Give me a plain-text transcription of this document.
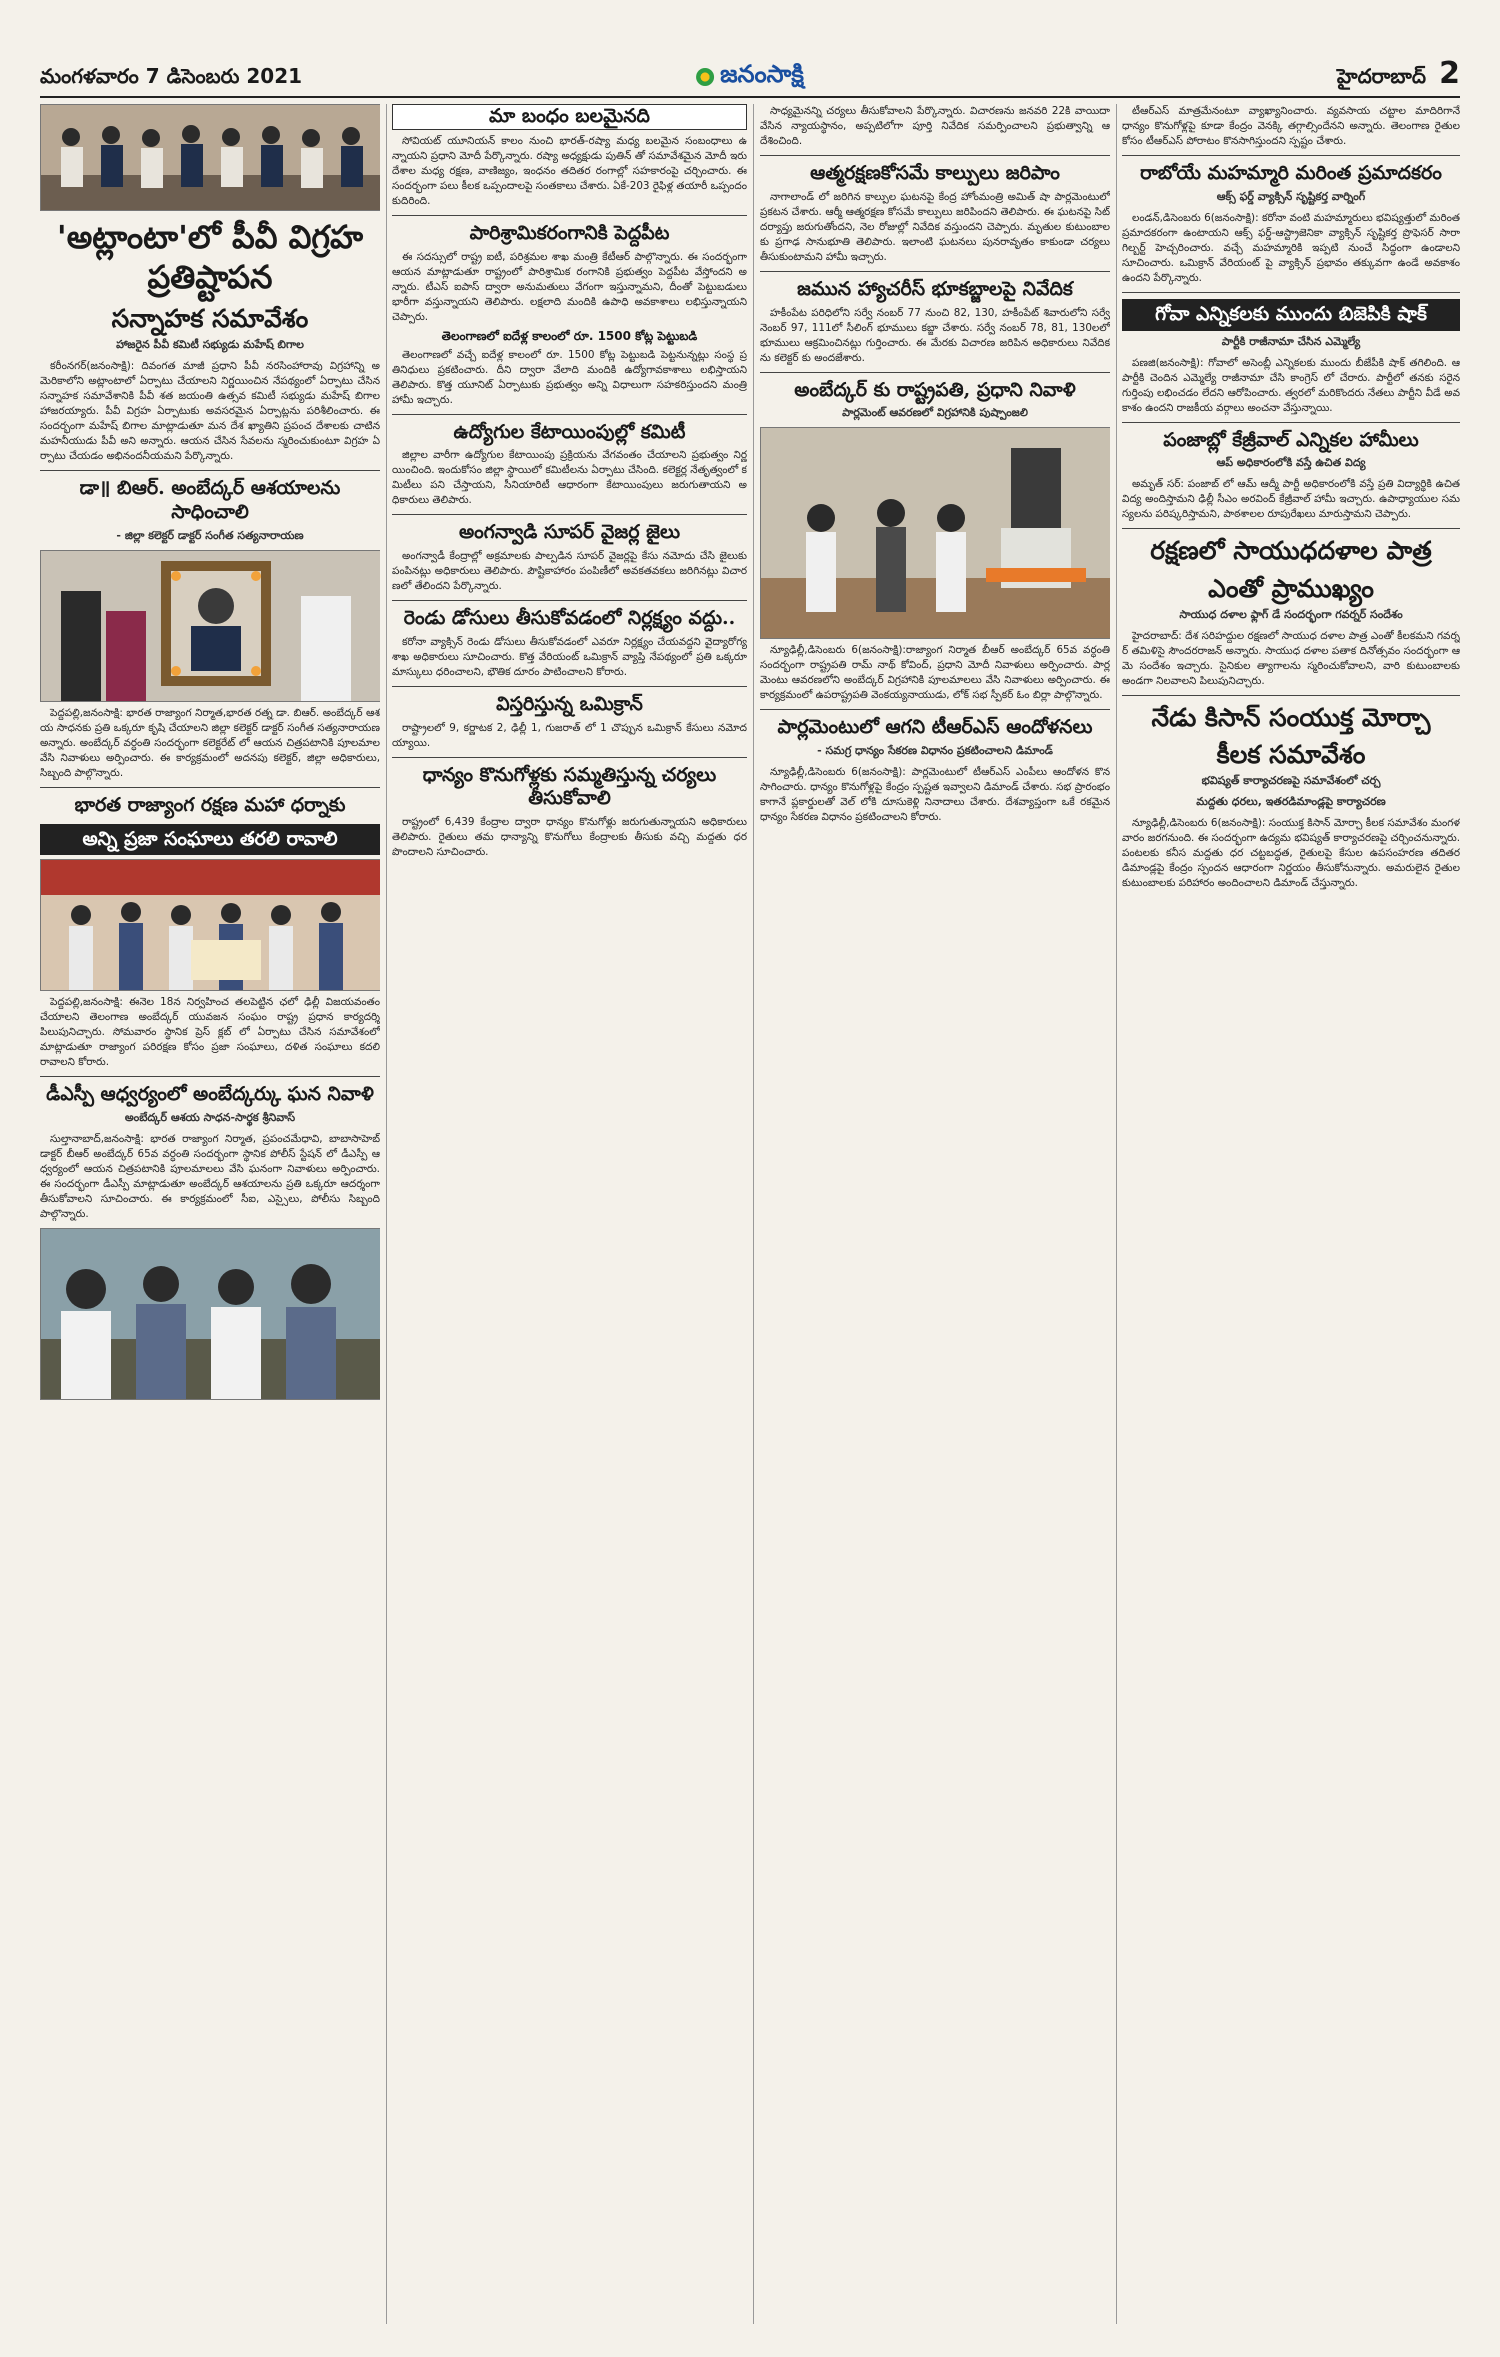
మంగళవారం 7 డిసెంబరు 2021	జనంసాక్షి	హైదరాబాద్ 2
'అట్లాంటా'లో పీవీ విగ్రహ ప్రతిష్టాపన
సన్నాహక సమావేశం
హాజరైన పీవీ కమిటీ సభ్యుడు మహేష్ బిగాల

కరీంనగర్(జనంసాక్షి): దివంగత మాజీ ప్రధాని పీవీ నరసింహారావు విగ్రహాన్ని అమెరికాలోని అట్లాంటాలో ఏర్పాటు చేయాలని నిర్ణయించిన నేపథ్యంలో ఏర్పాటు చేసిన సన్నాహక సమావేశానికి పీవీ శత జయంతి ఉత్సవ కమిటీ సభ్యుడు మహేష్ బిగాల హాజరయ్యారు. పీవీ విగ్రహ ఏర్పాటుకు అవసరమైన ఏర్పాట్లను పరిశీలించారు. ఈ సందర్భంగా మహేష్ బిగాల మాట్లాడుతూ మన దేశ ఖ్యాతిని ప్రపంచ దేశాలకు చాటిన మహనీయుడు పీవీ అని అన్నారు. ఆయన చేసిన సేవలను స్మరించుకుంటూ విగ్రహ ఏర్పాటు చేయడం అభినందనీయమని పేర్కొన్నారు.

డా॥ బిఆర్. అంబేద్కర్ ఆశయాలను సాధించాలి
- జిల్లా కలెక్టర్ డాక్టర్ సంగీత సత్యనారాయణ

పెద్దపల్లి,జనంసాక్షి: భారత రాజ్యాంగ నిర్మాత,భారత రత్న డా. బిఆర్. అంబేద్కర్ ఆశయ సాధనకు ప్రతి ఒక్కరూ కృషి చేయాలని జిల్లా కలెక్టర్ డాక్టర్ సంగీత సత్యనారాయణ అన్నారు. అంబేద్కర్ వర్ధంతి సందర్భంగా కలెక్టరేట్ లో ఆయన చిత్రపటానికి పూలమాల వేసి నివాళులు అర్పించారు. ఈ కార్యక్రమంలో అదనపు కలెక్టర్, జిల్లా అధికారులు, సిబ్బంది పాల్గొన్నారు.

భారత రాజ్యాంగ రక్షణ మహా ధర్నాకు
అన్ని ప్రజా సంఘాలు తరలి రావాలి

పెద్దపల్లి,జనంసాక్షి: ఈనెల 18న నిర్వహించ తలపెట్టిన ఛలో ఢిల్లీ విజయవంతం చేయాలని తెలంగాణ అంబేద్కర్ యువజన సంఘం రాష్ట్ర ప్రధాన కార్యదర్శి పిలుపునిచ్చారు. సోమవారం స్థానిక ప్రెస్ క్లబ్ లో ఏర్పాటు చేసిన సమావేశంలో మాట్లాడుతూ రాజ్యాంగ పరిరక్షణ కోసం ప్రజా సంఘాలు, దళిత సంఘాలు కదలి రావాలని కోరారు.

డీఎస్పీ ఆధ్వర్యంలో అంబేద్కర్కు ఘన నివాళి
అంబేద్కర్ ఆశయ సాధన-సార్థక శ్రీనివాస్

సుల్తానాబాద్,జనంసాక్షి: భారత రాజ్యాంగ నిర్మాత, ప్రపంచమేధావి, బాబాసాహెబ్ డాక్టర్ బీఆర్ అంబేద్కర్ 65వ వర్ధంతి సందర్భంగా స్థానిక పోలీస్ స్టేషన్ లో డీఎస్పీ ఆధ్వర్యంలో ఆయన చిత్రపటానికి పూలమాలలు వేసి ఘనంగా నివాళులు అర్పించారు. ఈ సందర్భంగా డీఎస్పీ మాట్లాడుతూ అంబేద్కర్ ఆశయాలను ప్రతి ఒక్కరూ ఆదర్శంగా తీసుకోవాలని సూచించారు. ఈ కార్యక్రమంలో సీఐ, ఎస్సైలు, పోలీసు సిబ్బంది పాల్గొన్నారు.

మా బంధం బలమైనది

సోవియట్ యూనియన్ కాలం నుంచి భారత్-రష్యా మధ్య బలమైన సంబంధాలు ఉన్నాయని ప్రధాని మోదీ పేర్కొన్నారు. రష్యా అధ్యక్షుడు పుతిన్ తో సమావేశమైన మోదీ ఇరు దేశాల మధ్య రక్షణ, వాణిజ్యం, ఇంధనం తదితర రంగాల్లో సహకారంపై చర్చించారు. ఈ సందర్భంగా పలు కీలక ఒప్పందాలపై సంతకాలు చేశారు. ఏకే-203 రైఫిళ్ల తయారీ ఒప్పందం కుదిరింది.

పారిశ్రామికరంగానికి పెద్దపీట

ఈ సదస్సులో రాష్ట్ర ఐటీ, పరిశ్రమల శాఖ మంత్రి కేటీఆర్ పాల్గొన్నారు. ఈ సందర్భంగా ఆయన మాట్లాడుతూ రాష్ట్రంలో పారిశ్రామిక రంగానికి ప్రభుత్వం పెద్దపీట వేస్తోందని అన్నారు. టీఎస్ ఐపాస్ ద్వారా అనుమతులు వేగంగా ఇస్తున్నామని, దీంతో పెట్టుబడులు భారీగా వస్తున్నాయని తెలిపారు. లక్షలాది మందికి ఉపాధి అవకాశాలు లభిస్తున్నాయని చెప్పారు.

తెలంగాణలో ఐదేళ్ల కాలంలో రూ. 1500 కోట్ల పెట్టుబడి

తెలంగాణలో వచ్చే ఐదేళ్ల కాలంలో రూ. 1500 కోట్ల పెట్టుబడి పెట్టనున్నట్లు సంస్థ ప్రతినిధులు ప్రకటించారు. దీని ద్వారా వేలాది మందికి ఉద్యోగావకాశాలు లభిస్తాయని తెలిపారు. కొత్త యూనిట్ ఏర్పాటుకు ప్రభుత్వం అన్ని విధాలుగా సహకరిస్తుందని మంత్రి హామీ ఇచ్చారు.

ఉద్యోగుల కేటాయింపుల్లో కమిటీ

జిల్లాల వారీగా ఉద్యోగుల కేటాయింపు ప్రక్రియను వేగవంతం చేయాలని ప్రభుత్వం నిర్ణయించింది. ఇందుకోసం జిల్లా స్థాయిలో కమిటీలను ఏర్పాటు చేసింది. కలెక్టర్ల నేతృత్వంలో కమిటీలు పని చేస్తాయని, సీనియారిటీ ఆధారంగా కేటాయింపులు జరుగుతాయని అధికారులు తెలిపారు.

అంగన్వాడి సూపర్ వైజర్ల జైలు

అంగన్వాడీ కేంద్రాల్లో అక్రమాలకు పాల్పడిన సూపర్ వైజర్లపై కేసు నమోదు చేసి జైలుకు పంపినట్లు అధికారులు తెలిపారు. పౌష్టికాహారం పంపిణీలో అవకతవకలు జరిగినట్లు విచారణలో తేలిందని పేర్కొన్నారు.

రెండు డోసులు తీసుకోవడంలో నిర్లక్ష్యం వద్దు..

కరోనా వ్యాక్సిన్ రెండు డోసులు తీసుకోవడంలో ఎవరూ నిర్లక్ష్యం చేయవద్దని వైద్యారోగ్య శాఖ అధికారులు సూచించారు. కొత్త వేరియంట్ ఒమిక్రాన్ వ్యాప్తి నేపథ్యంలో ప్రతి ఒక్కరూ మాస్కులు ధరించాలని, భౌతిక దూరం పాటించాలని కోరారు.

విస్తరిస్తున్న ఒమిక్రాన్

రాష్ట్రాలలో 9, కర్ణాటక 2, ఢిల్లీ 1, గుజరాత్ లో 1 చొప్పున ఒమిక్రాన్ కేసులు నమోదయ్యాయి.

ధాన్యం కొనుగోళ్లకు సమ్మతిస్తున్న చర్యలు తీసుకోవాలి

రాష్ట్రంలో 6,439 కేంద్రాల ద్వారా ధాన్యం కొనుగోళ్లు జరుగుతున్నాయని అధికారులు తెలిపారు. రైతులు తమ ధాన్యాన్ని కొనుగోలు కేంద్రాలకు తీసుకు వచ్చి మద్దతు ధర పొందాలని సూచించారు.

సాధ్యమైనన్ని చర్యలు తీసుకోవాలని పేర్కొన్నారు. విచారణను జనవరి 22కి వాయిదా వేసిన న్యాయస్థానం, అప్పటిలోగా పూర్తి నివేదిక సమర్పించాలని ప్రభుత్వాన్ని ఆదేశించింది.

ఆత్మరక్షణకోసమే కాల్పులు జరిపాం

నాగాలాండ్ లో జరిగిన కాల్పుల ఘటనపై కేంద్ర హోంమంత్రి అమిత్ షా పార్లమెంటులో ప్రకటన చేశారు. ఆర్మీ ఆత్మరక్షణ కోసమే కాల్పులు జరిపిందని తెలిపారు. ఈ ఘటనపై సిట్ దర్యాప్తు జరుగుతోందని, నెల రోజుల్లో నివేదిక వస్తుందని చెప్పారు. మృతుల కుటుంబాలకు ప్రగాఢ సానుభూతి తెలిపారు. ఇలాంటి ఘటనలు పునరావృతం కాకుండా చర్యలు తీసుకుంటామని హామీ ఇచ్చారు.

జమున హ్యాచరీస్ భూకబ్జాలపై నివేదిక

హకీంపేట పరిధిలోని సర్వే నంబర్ 77 నుంచి 82, 130, హకీంపేట్ శివారులోని సర్వే నెంబర్ 97, 111లో సీలింగ్ భూములు కబ్జా చేశారు. సర్వే నంబర్ 78, 81, 130లలో భూములు ఆక్రమించినట్లు గుర్తించారు. ఈ మేరకు విచారణ జరిపిన అధికారులు నివేదికను కలెక్టర్ కు అందజేశారు.

అంబేద్కర్ కు రాష్ట్రపతి, ప్రధాని నివాళి
పార్లమెంట్ ఆవరణలో విగ్రహానికి పుష్పాంజలి

న్యూఢిల్లీ,డిసెంబరు 6(జనంసాక్షి):రాజ్యాంగ నిర్మాత బీఆర్ అంబేద్కర్ 65వ వర్ధంతి సందర్భంగా రాష్ట్రపతి రామ్ నాథ్ కోవింద్, ప్రధాని మోదీ నివాళులు అర్పించారు. పార్లమెంటు ఆవరణలోని అంబేద్కర్ విగ్రహానికి పూలమాలలు వేసి నివాళులు అర్పించారు. ఈ కార్యక్రమంలో ఉపరాష్ట్రపతి వెంకయ్యనాయుడు, లోక్ సభ స్పీకర్ ఓం బిర్లా పాల్గొన్నారు.

పార్లమెంటులో ఆగని టీఆర్ఎస్ ఆందోళనలు
- సమగ్ర ధాన్యం సేకరణ విధానం ప్రకటించాలని డిమాండ్

న్యూఢిల్లీ,డిసెంబరు 6(జనంసాక్షి): పార్లమెంటులో టీఆర్ఎస్ ఎంపీలు ఆందోళన కొనసాగించారు. ధాన్యం కొనుగోళ్లపై కేంద్రం స్పష్టత ఇవ్వాలని డిమాండ్ చేశారు. సభ ప్రారంభం కాగానే ప్లకార్డులతో వెల్ లోకి దూసుకెళ్లి నినాదాలు చేశారు. దేశవ్యాప్తంగా ఒకే రకమైన ధాన్యం సేకరణ విధానం ప్రకటించాలని కోరారు.

టీఆర్ఎస్ మాత్రమేనంటూ వ్యాఖ్యానించారు. వ్యవసాయ చట్టాల మాదిరిగానే ధాన్యం కొనుగోళ్లపై కూడా కేంద్రం వెనక్కి తగ్గాల్సిందేనని అన్నారు. తెలంగాణ రైతుల కోసం టీఆర్ఎస్ పోరాటం కొనసాగిస్తుందని స్పష్టం చేశారు.

రాబోయే మహమ్మారి మరింత ప్రమాదకరం
ఆక్స్ ఫర్డ్ వ్యాక్సిన్ సృష్టికర్త వార్నింగ్

లండన్,డిసెంబరు 6(జనంసాక్షి): కరోనా వంటి మహమ్మారులు భవిష్యత్తులో మరింత ప్రమాదకరంగా ఉంటాయని ఆక్స్ ఫర్డ్-ఆస్ట్రాజెనికా వ్యాక్సిన్ సృష్టికర్త ప్రొఫెసర్ సారా గిల్బర్ట్ హెచ్చరించారు. వచ్చే మహమ్మారికి ఇప్పటి నుంచే సిద్ధంగా ఉండాలని సూచించారు. ఒమిక్రాన్ వేరియంట్ పై వ్యాక్సిన్ ప్రభావం తక్కువగా ఉండే అవకాశం ఉందని పేర్కొన్నారు.

గోవా ఎన్నికలకు ముందు బిజెపికి షాక్
పార్టీకి రాజీనామా చేసిన ఎమ్మెల్యే

పణజి(జనంసాక్షి): గోవాలో అసెంబ్లీ ఎన్నికలకు ముందు బీజేపీకి షాక్ తగిలింది. ఆ పార్టీకి చెందిన ఎమ్మెల్యే రాజీనామా చేసి కాంగ్రెస్ లో చేరారు. పార్టీలో తనకు సరైన గుర్తింపు లభించడం లేదని ఆరోపించారు. త్వరలో మరికొందరు నేతలు పార్టీని వీడే అవకాశం ఉందని రాజకీయ వర్గాలు అంచనా వేస్తున్నాయి.

పంజాబ్లో కేజ్రీవాల్ ఎన్నికల హామీలు
ఆప్ అధికారంలోకి వస్తే ఉచిత విద్య

అమృత్ సర్: పంజాబ్ లో ఆమ్ ఆద్మీ పార్టీ అధికారంలోకి వస్తే ప్రతి విద్యార్థికి ఉచిత విద్య అందిస్తామని ఢిల్లీ సీఎం అరవింద్ కేజ్రీవాల్ హామీ ఇచ్చారు. ఉపాధ్యాయుల సమస్యలను పరిష్కరిస్తామని, పాఠశాలల రూపురేఖలు మారుస్తామని చెప్పారు.

రక్షణలో సాయుధదళాల పాత్ర
ఎంతో ప్రాముఖ్యం
సాయుధ దళాల ఫ్లాగ్ డే సందర్భంగా గవర్నర్ సందేశం

హైదరాబాద్: దేశ సరిహద్దుల రక్షణలో సాయుధ దళాల పాత్ర ఎంతో కీలకమని గవర్నర్ తమిళిసై సౌందరరాజన్ అన్నారు. సాయుధ దళాల పతాక దినోత్సవం సందర్భంగా ఆమె సందేశం ఇచ్చారు. సైనికుల త్యాగాలను స్మరించుకోవాలని, వారి కుటుంబాలకు అండగా నిలవాలని పిలుపునిచ్చారు.

నేడు కిసాన్ సంయుక్త మోర్చా
కీలక సమావేశం
భవిష్యత్ కార్యాచరణపై సమావేశంలో చర్చ
మద్దతు ధరలు, ఇతరడిమాండ్లపై కార్యాచరణ

న్యూఢిల్లీ,డిసెంబరు 6(జనంసాక్షి): సంయుక్త కిసాన్ మోర్చా కీలక సమావేశం మంగళవారం జరగనుంది. ఈ సందర్భంగా ఉద్యమ భవిష్యత్ కార్యాచరణపై చర్చించనున్నారు. పంటలకు కనీస మద్దతు ధర చట్టబద్ధత, రైతులపై కేసుల ఉపసంహరణ తదితర డిమాండ్లపై కేంద్రం స్పందన ఆధారంగా నిర్ణయం తీసుకోనున్నారు. అమరులైన రైతుల కుటుంబాలకు పరిహారం అందించాలని డిమాండ్ చేస్తున్నారు.
